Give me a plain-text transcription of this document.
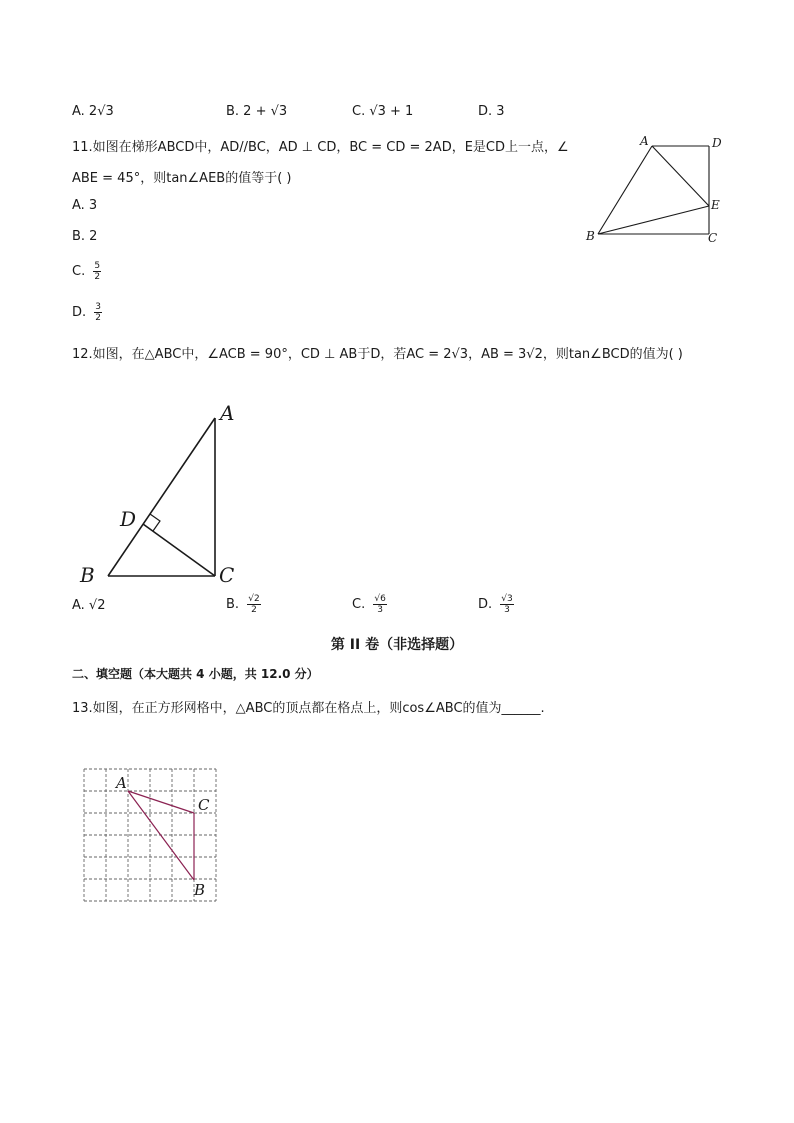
A. 2√3	B. 2 + √3	C. √3 + 1	D. 3
11.如图在梯形ABCD中，AD//BC，AD ⊥ CD，BC = CD = 2AD，E是CD上一点，∠
ABE = 45°，则tan∠AEB的值等于( )
A. 3
B. 2
C. $\frac{5}{2}$
D. $\frac{3}{2}$
A	D
E
B	C
12.如图，在△ABC中，∠ACB = 90°，CD ⊥ AB于D，若AC = 2√3，AB = 3√2，则tan∠BCD的值为( )
A
D
B	C
A. √2	B. $\frac{√2}{2}$	C. $\frac{√6}{3}$	D. $\frac{√3}{3}$
第 II 卷（非选择题）
二、填空题（本大题共 4 小题，共 12.0 分）
13.如图，在正方形网格中，△ABC的顶点都在格点上，则cos∠ABC的值为______.
A
C
B
